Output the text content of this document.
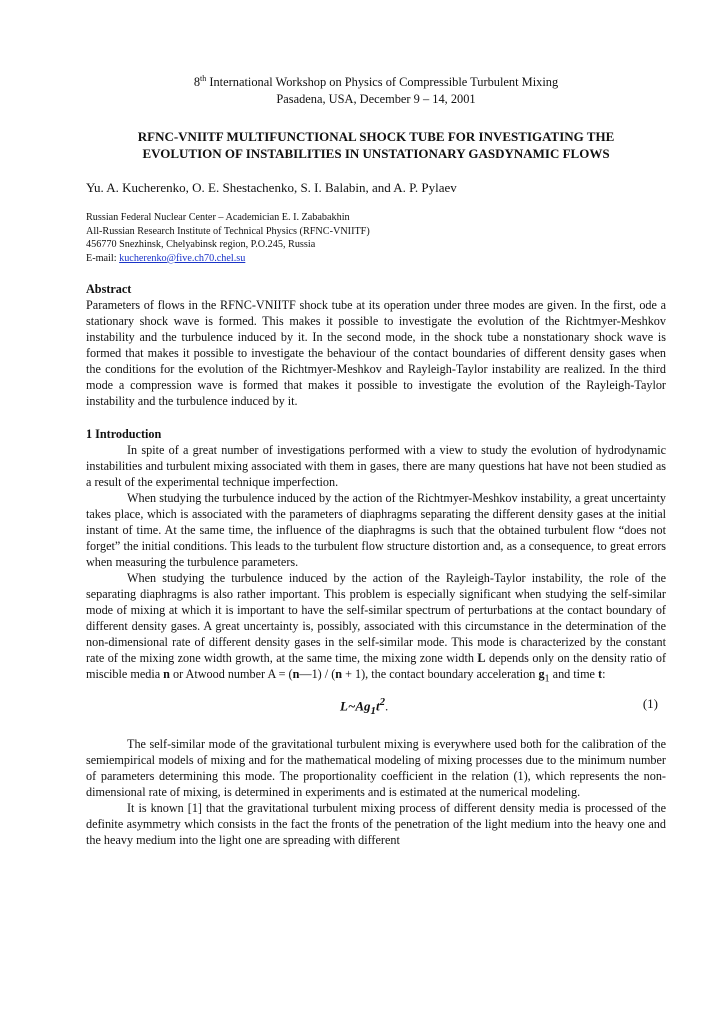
8th International Workshop on Physics of Compressible Turbulent Mixing
Pasadena, USA, December 9 – 14, 2001
RFNC-VNIITF MULTIFUNCTIONAL SHOCK TUBE FOR INVESTIGATING THE
EVOLUTION OF INSTABILITIES IN UNSTATIONARY GASDYNAMIC FLOWS
Yu. A. Kucherenko, O. E. Shestachenko, S. I. Balabin, and A. P. Pylaev
Russian Federal Nuclear Center – Academician E. I. Zababakhin
All-Russian Research Institute of Technical Physics (RFNC-VNIITF)
456770 Snezhinsk, Chelyabinsk region, P.O.245, Russia
E-mail: kucherenko@five.ch70.chel.su
Abstract

Parameters of flows in the RFNC-VNIITF shock tube at its operation under three modes are given. In the first, ode a stationary shock wave is formed. This makes it possible to investigate the evolution of the Richtmyer-Meshkov instability and the turbulence induced by it. In the second mode, in the shock tube a nonstationary shock wave is formed that makes it possible to investigate the behaviour of the contact boundaries of different density gases when the conditions for the evolution of the Richtmyer-Meshkov and Rayleigh-Taylor instability are realized. In the third mode a compression wave is formed that makes it possible to investigate the evolution of the Rayleigh-Taylor instability and the turbulence induced by it.

1 Introduction

In spite of a great number of investigations performed with a view to study the evolution of hydrodynamic instabilities and turbulent mixing associated with them in gases, there are many questions hat have not been studied as a result of the experimental technique imperfection.

When studying the turbulence induced by the action of the Richtmyer-Meshkov instability, a great uncertainty takes place, which is associated with the parameters of diaphragms separating the different density gases at the initial instant of time. At the same time, the influence of the diaphragms is such that the obtained turbulent flow “does not forget” the initial conditions. This leads to the turbulent flow structure distortion and, as a consequence, to great errors when measuring the turbulence parameters.

When studying the turbulence induced by the action of the Rayleigh-Taylor instability, the role of the separating diaphragms is also rather important. This problem is especially significant when studying the self-similar mode of mixing at which it is important to have the self-similar spectrum of perturbations at the contact boundary of different density gases. A great uncertainty is, possibly, associated with this circumstance in the determination of the non-dimensional rate of different density gases in the self-similar mode. This mode is characterized by the constant rate of the mixing zone width growth, at the same time, the mixing zone width L depends only on the density ratio of miscible media n or Atwood number A = (n—1) / (n + 1), the contact boundary acceleration $g_1$ and time t:

$L\sim Ag_1t^2$.	(1)

The self-similar mode of the gravitational turbulent mixing is everywhere used both for the calibration of the semiempirical models of mixing and for the mathematical modeling of mixing processes due to the minimum number of parameters determining this mode. The proportionality coefficient in the relation (1), which represents the non-dimensional rate of mixing, is determined in experiments and is estimated at the numerical modeling.

It is known [1] that the gravitational turbulent mixing process of different density media is processed of the definite asymmetry which consists in the fact the fronts of the penetration of the light medium into the heavy one and the heavy medium into the light one are spreading with different
